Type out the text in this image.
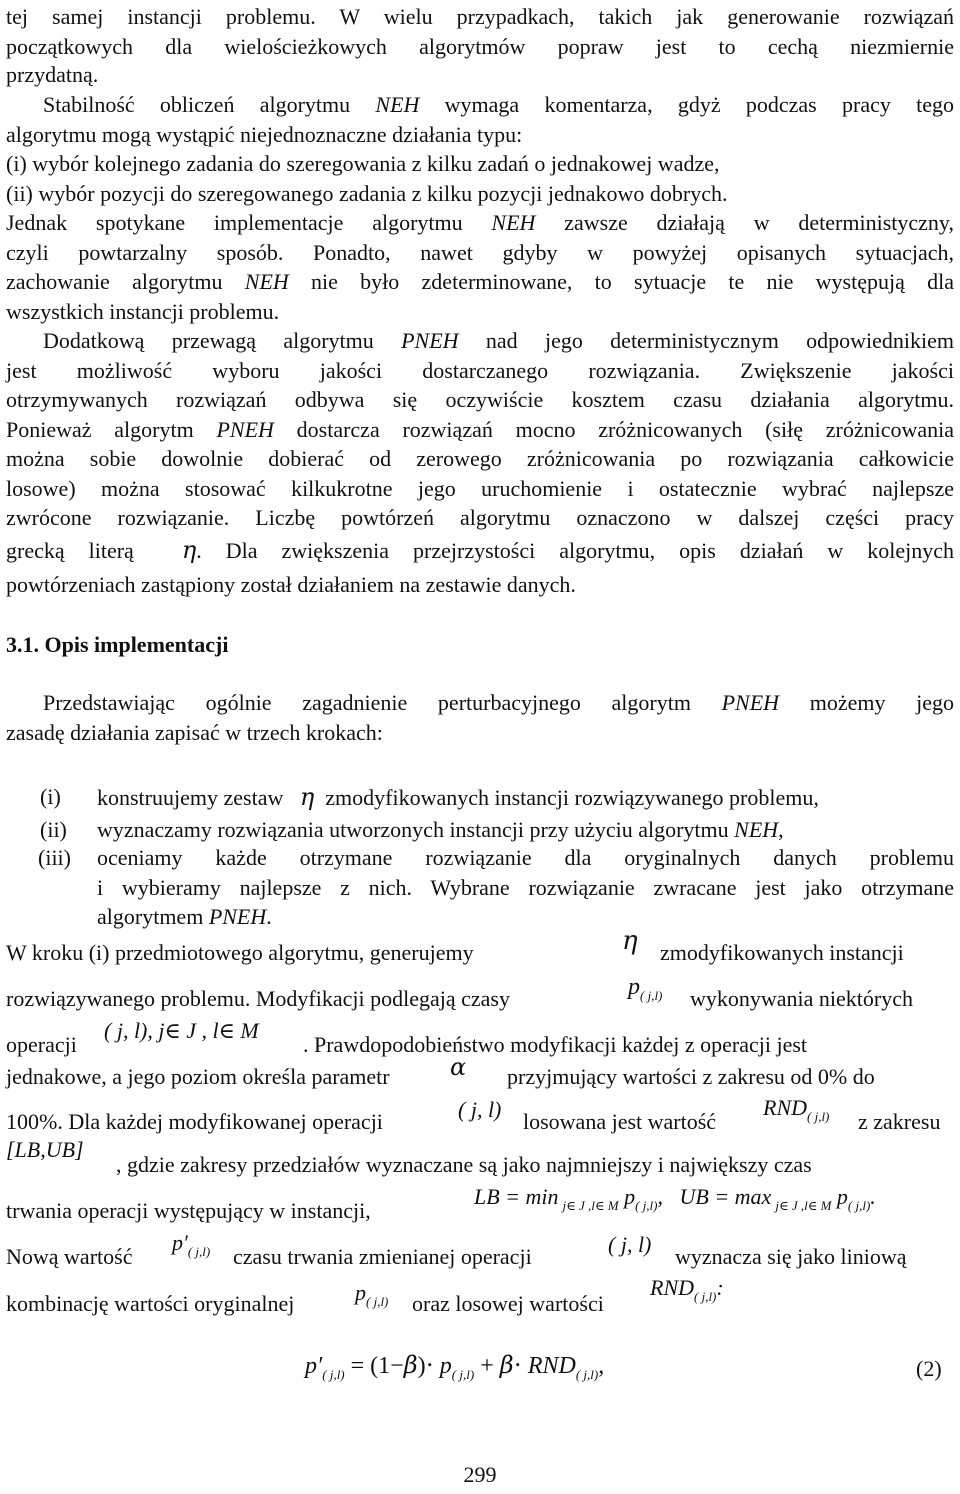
tej samej instancji problemu. W wielu przypadkach, takich jak generowanie rozwiązań
początkowych dla wielościeżkowych algorytmów popraw jest to cechą niezmiernie
przydatną.
Stabilność obliczeń algorytmu NEH wymaga komentarza, gdyż podczas pracy tego
algorytmu mogą wystąpić niejednoznaczne działania typu:
(i) wybór kolejnego zadania do szeregowania z kilku zadań o jednakowej wadze,
(ii) wybór pozycji do szeregowanego zadania z kilku pozycji jednakowo dobrych.
Jednak spotykane implementacje algorytmu NEH zawsze działają w deterministyczny,
czyli powtarzalny sposób. Ponadto, nawet gdyby w powyżej opisanych sytuacjach,
zachowanie algorytmu NEH nie było zdeterminowane, to sytuacje te nie występują dla
wszystkich instancji problemu.
Dodatkową przewagą algorytmu PNEH nad jego deterministycznym odpowiednikiem
jest możliwość wyboru jakości dostarczanego rozwiązania. Zwiększenie jakości
otrzymywanych rozwiązań odbywa się oczywiście kosztem czasu działania algorytmu.
Ponieważ algorytm PNEH dostarcza rozwiązań mocno zróżnicowanych (siłę zróżnicowania
można sobie dowolnie dobierać od zerowego zróżnicowania po rozwiązania całkowicie
losowe) można stosować kilkukrotne jego uruchomienie i ostatecznie wybrać najlepsze
zwrócone rozwiązanie. Liczbę powtórzeń algorytmu oznaczono w dalszej części pracy
grecką literą η. Dla zwiększenia przejrzystości algorytmu, opis działań w kolejnych
powtórzeniach zastąpiony został działaniem na zestawie danych.
3.1. Opis implementacji
Przedstawiając ogólnie zagadnienie perturbacyjnego algorytm PNEH możemy jego
zasadę działania zapisać w trzech krokach:
(i) konstruujemy zestaw   η  zmodyfikowanych instancji rozwiązywanego problemu,
(ii) wyznaczamy rozwiązania utworzonych instancji przy użyciu algorytmu NEH,
(iii) oceniamy każde otrzymane rozwiązanie dla oryginalnych danych problemu
i wybieramy najlepsze z nich. Wybrane rozwiązanie zwracane jest jako otrzymane
algorytmem PNEH.
W kroku (i) przedmiotowego algorytmu, generujemy	η zmodyfikowanych instancji
rozwiązywanego problemu. Modyfikacji podlegają czasy	$p_{( j,l)}$ wykonywania niektórych
operacji
( j, l), j∈ J , l∈ M
. Prawdopodobieństwo modyfikacji każdej z operacji jest
jednakowe, a jego poziom określa parametr	α przyjmujący wartości z zakresu od 0% do
100%. Dla każdej modyfikowanej operacji	( j, l) losowana jest wartość
$RND_{( j,l)}$ z zakresu
[LB,UB]
, gdzie zakresy przedziałów wyznaczane są jako najmniejszy i największy czas
trwania operacji występujący w instancji,
LB = min $_{j\in J ,l\in M}$ $p_{( j,l)}$, UB = max $_{j\in J ,l\in M}$ $p_{( j,l)}$.
Nową wartość
$p'_{( j,l)}$ czasu trwania zmienianej operacji	( j, l) wyznacza się jako liniową
kombinację wartości oryginalnej	$p_{( j,l)}$ oraz losowej wartości
$RND_{( j,l)}$:
$p'_{( j,l)} = (1-\beta)\cdot p_{( j,l)} + \beta\cdot RND_{( j,l)}$,	(2)
299
